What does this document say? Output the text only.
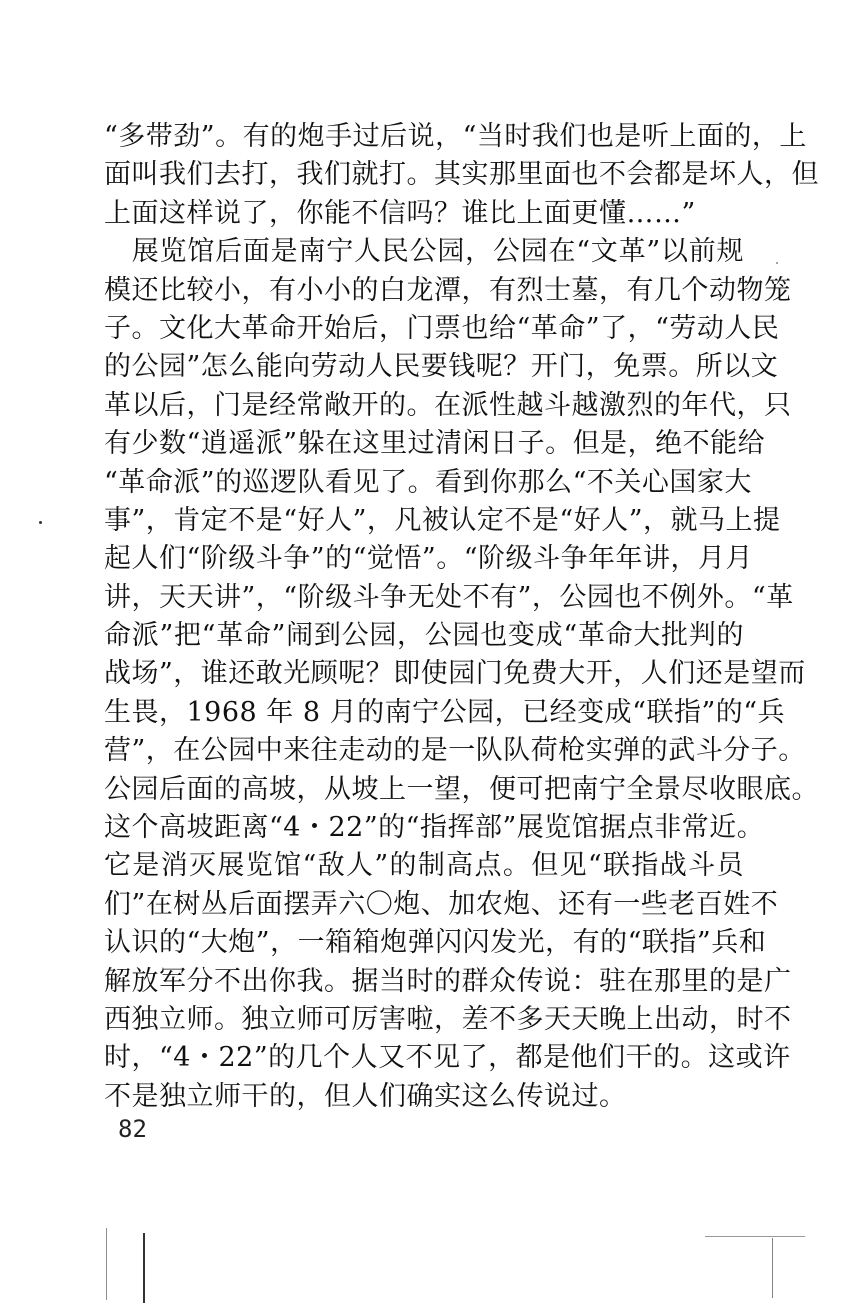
“多带劲”。有的炮手过后说，“当时我们也是听上面的，上
面叫我们去打，我们就打。其实那里面也不会都是坏人，但
上面这样说了，你能不信吗？谁比上面更懂……”
　展览馆后面是南宁人民公园，公园在“文革”以前规
模还比较小，有小小的白龙潭，有烈士墓，有几个动物笼
子。文化大革命开始后，门票也给“革命”了，“劳动人民
的公园”怎么能向劳动人民要钱呢？开门，免票。所以文
革以后，门是经常敞开的。在派性越斗越激烈的年代，只
有少数“逍遥派”躲在这里过清闲日子。但是，绝不能给
“革命派”的巡逻队看见了。看到你那么“不关心国家大
事”，肯定不是“好人”，凡被认定不是“好人”，就马上提
起人们“阶级斗争”的“觉悟”。“阶级斗争年年讲，月月
讲，天天讲”，“阶级斗争无处不有”，公园也不例外。“革
命派”把“革命”闹到公园，公园也变成“革命大批判的
战场”，谁还敢光顾呢？即使园门免费大开，人们还是望而
生畏，1968 年 8 月的南宁公园，已经变成“联指”的“兵
营”，在公园中来往走动的是一队队荷枪实弹的武斗分子。
公园后面的高坡，从坡上一望，便可把南宁全景尽收眼底。
这个高坡距离“4・22”的“指挥部”展览馆据点非常近。
它是消灭展览馆“敌人”的制高点。但见“联指战斗员
们”在树丛后面摆弄六〇炮、加农炮、还有一些老百姓不
认识的“大炮”，一箱箱炮弹闪闪发光，有的“联指”兵和
解放军分不出你我。据当时的群众传说：驻在那里的是广
西独立师。独立师可厉害啦，差不多天天晚上出动，时不
时，“4・22”的几个人又不见了，都是他们干的。这或许
不是独立师干的，但人们确实这么传说过。
82
